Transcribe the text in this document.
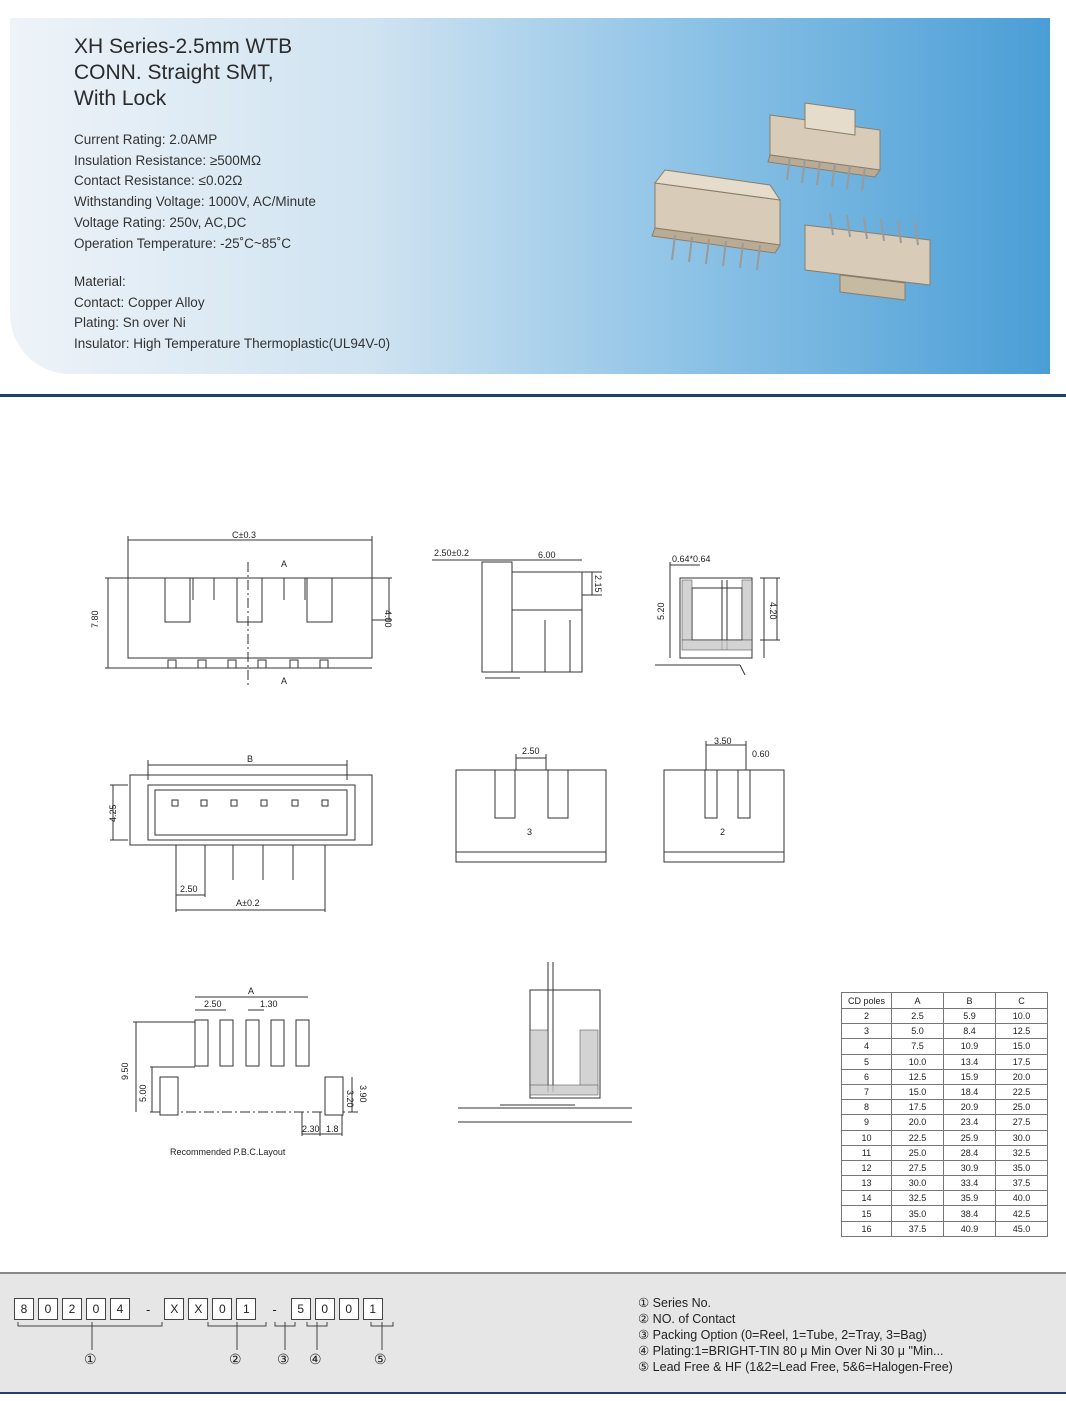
XH Series-2.5mm WTB
CONN. Straight SMT,
With Lock
Current Rating: 2.0AMP
Insulation Resistance: ≥500MΩ
Contact Resistance: ≤0.02Ω
Withstanding Voltage: 1000V, AC/Minute
Voltage Rating: 250v, AC,DC
Operation Temperature: -25˚C~85˚C
Material:
Contact: Copper Alloy
Plating: Sn over Ni
Insulator: High Temperature Thermoplastic(UL94V-0)
C±0.3
7.80	4.00
A
A
2.50±0.2	6.00
2.15
0.64*0.64
5.20	4.20
B
4.25
2.50
A±0.2
2.50
3
3.50
0.60
2
A
2.50	1.30
9.50
5.00	3.20 3.90
2.30 1.8
Recommended P.B.C.Layout
CD poles	A	B	C
2	2.5	5.9	10.0
3	5.0	8.4	12.5
4	7.5	10.9	15.0
5	10.0	13.4	17.5
6	12.5	15.9	20.0
7	15.0	18.4	22.5
8	17.5	20.9	25.0
9	20.0	23.4	27.5
10	22.5	25.9	30.0
11	25.0	28.4	32.5
12	27.5	30.9	35.0
13	30.0	33.4	37.5
14	32.5	35.9	40.0
15	35.0	38.4	42.5
16	37.5	40.9	45.0
8	0	2	0	4	-	X	X	0	1	-	5	0	0	1
①	②	③ ④	⑤
① Series No.
② NO. of Contact
③ Packing Option (0=Reel, 1=Tube, 2=Tray, 3=Bag)
④ Plating:1=BRIGHT-TIN 80 μ Min Over Ni 30 μ "Min...
⑤ Lead Free & HF (1&2=Lead Free, 5&6=Halogen-Free)
